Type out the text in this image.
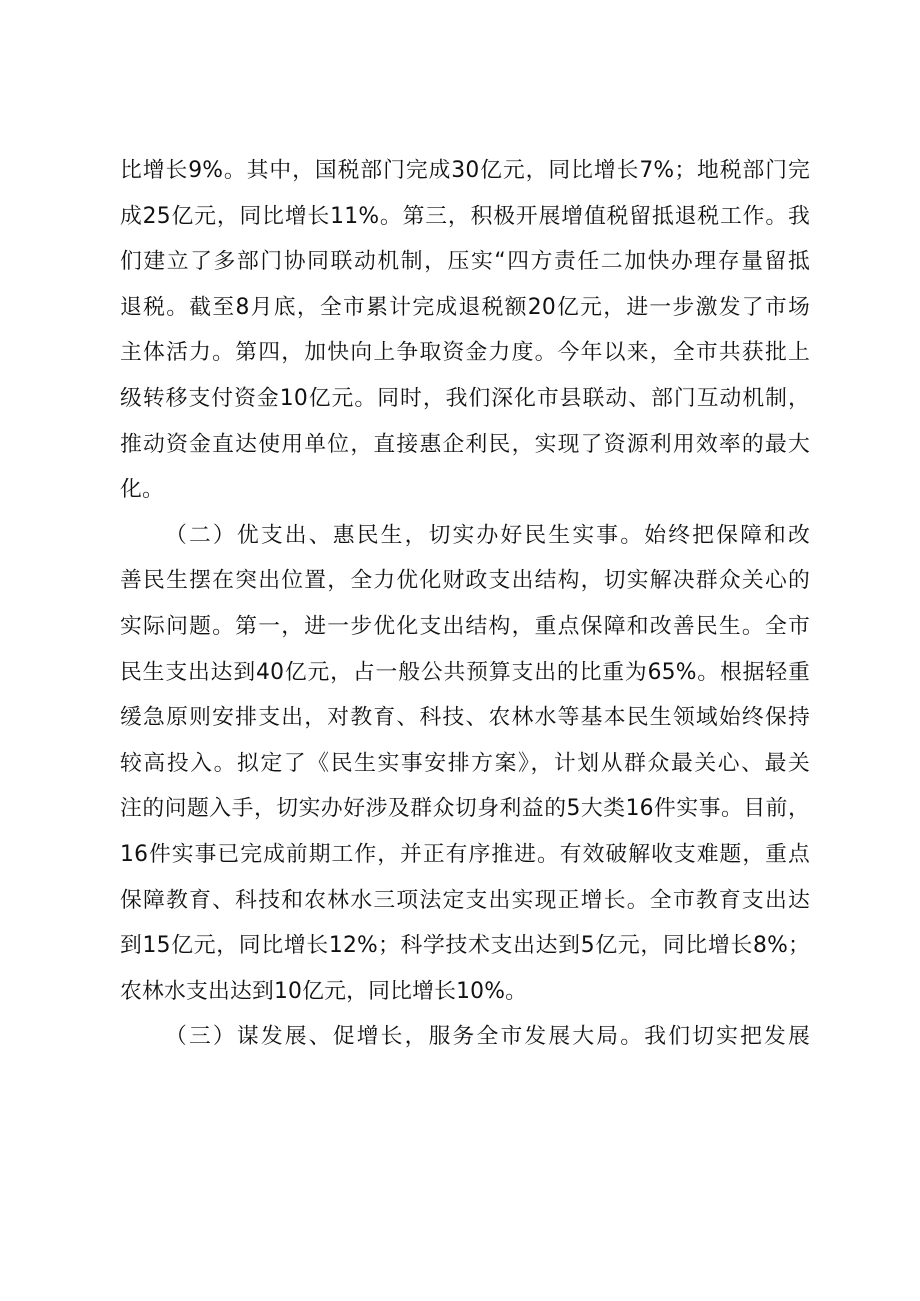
比增长9%。其中，国税部门完成30亿元，同比增长7%；地税部门完
成25亿元，同比增长11%。第三，积极开展增值税留抵退税工作。我
们建立了多部门协同联动机制，压实“四方责任二加快办理存量留抵
退税。截至8月底，全市累计完成退税额20亿元，进一步激发了市场
主体活力。第四，加快向上争取资金力度。今年以来，全市共获批上
级转移支付资金10亿元。同时，我们深化市县联动、部门互动机制，
推动资金直达使用单位，直接惠企利民，实现了资源利用效率的最大
化。
（二）优支出、惠民生，切实办好民生实事。始终把保障和改
善民生摆在突出位置，全力优化财政支出结构，切实解决群众关心的
实际问题。第一，进一步优化支出结构，重点保障和改善民生。全市
民生支出达到40亿元，占一般公共预算支出的比重为65%。根据轻重
缓急原则安排支出，对教育、科技、农林水等基本民生领域始终保持
较高投入。拟定了《民生实事安排方案》，计划从群众最关心、最关
注的问题入手，切实办好涉及群众切身利益的5大类16件实事。目前，
16件实事已完成前期工作，并正有序推进。有效破解收支难题，重点
保障教育、科技和农林水三项法定支出实现正增长。全市教育支出达
到15亿元，同比增长12%；科学技术支出达到5亿元，同比增长8%；
农林水支出达到10亿元，同比增长10%。
（三）谋发展、促增长，服务全市发展大局。我们切实把发展
